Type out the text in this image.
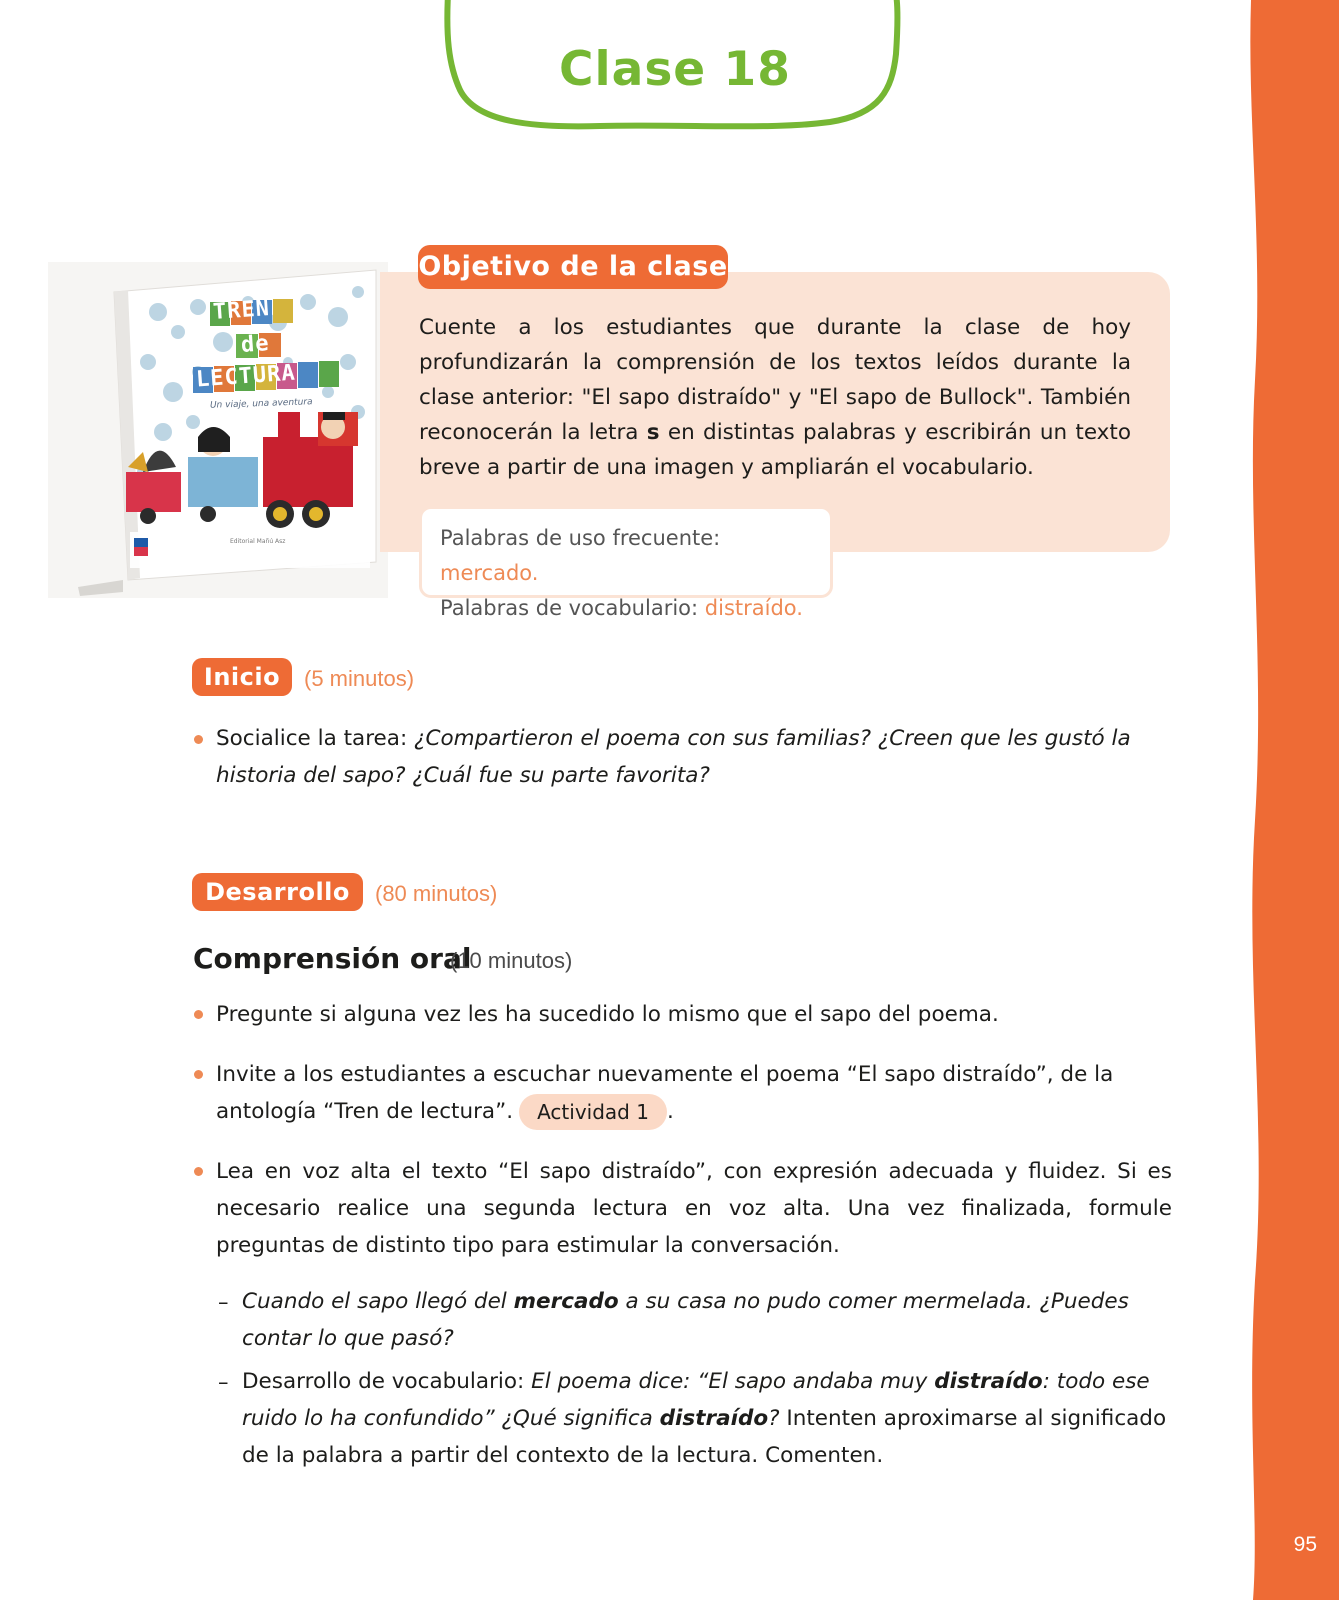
95
Clase 18
TREN
de
LECTURA
Un viaje, una aventura
Editorial Mañú Asz
Objetivo de la clase
Cuente a los estudiantes que durante la clase de hoy profundizarán la comprensión de los textos leídos durante la clase anterior: "El sapo distraído" y "El sapo de Bullock". También reconocerán la letra s en distintas palabras y escribirán un texto breve a partir de una imagen y ampliarán el vocabulario.
Palabras de uso frecuente: mercado.
Palabras de vocabulario: distraído.
Inicio	(5 minutos)
Socialice la tarea: ¿Compartieron el poema con sus familias? ¿Creen que les gustó la historia del sapo? ¿Cuál fue su parte favorita?
Desarrollo	(80 minutos)
Comprensión oral
(10 minutos)
Pregunte si alguna vez les ha sucedido lo mismo que el sapo del poema.
Invite a los estudiantes a escuchar nuevamente el poema “El sapo distraído”, de la antología “Tren de lectura”. Actividad 1 .
Lea en voz alta el texto “El sapo distraído”, con expresión adecuada y fluidez. Si es necesario realice una segunda lectura en voz alta. Una vez finalizada, formule preguntas de distinto tipo para estimular la conversación.
– Cuando el sapo llegó del mercado a su casa no pudo comer mermelada. ¿Puedes contar lo que pasó?
– Desarrollo de vocabulario: El poema dice: “El sapo andaba muy distraído: todo ese ruido lo ha confundido” ¿Qué significa distraído? Intenten aproximarse al significado de la palabra a partir del contexto de la lectura. Comenten.
